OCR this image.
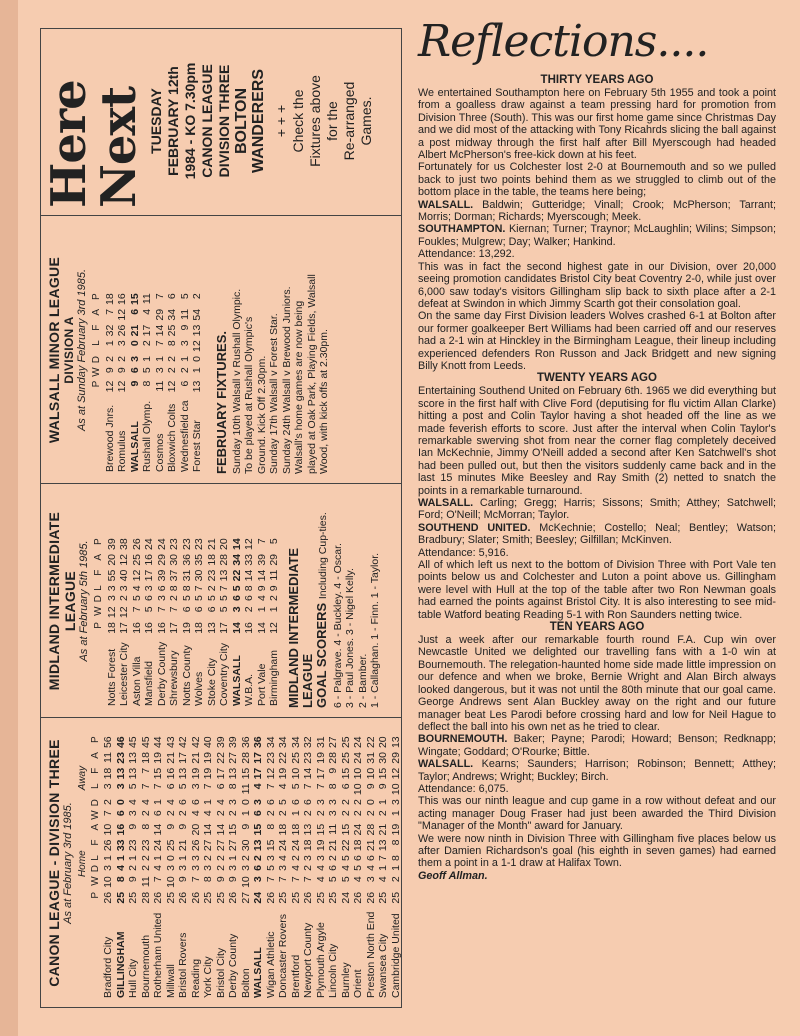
CANON LEAGUE - DIVISION THREE As at February 3rd 1985.
	Home						Away					
	P	W	D	L	F	A	W	D	L	F	A	P
Bradford City	26	10	3	1	26	10	7	2	3	18	11	56
GILLINGHAM	25	8	4	1	33	16	6	0	3	13	23	46
Hull City	25	9	2	1	23	9	3	4	5	13	13	45
Bournemouth	28	11	2	2	23	8	2	4	7	7	18	45
Rotherham United	26	7	4	1	24	14	6	1	7	15	19	44
Millwall	25	10	3	0	25	9	2	4	6	16	21	43
Bristol Rovers	26	9	3	1	21	9	2	6	5	13	17	42
Reading	26	7	3	3	26	20	4	6	3	19	21	42
York City	25	8	3	2	27	14	4	1	7	19	19	40
Bristol City	25	9	2	2	27	14	2	4	6	17	22	39
Derby County	26	9	3	1	27	15	2	3	8	13	27	39
Bolton	27	10	3	2	30	9	1	0	11	15	28	36
WALSALL	24	3	6	2	13	15	6	3	4	17	17	36
Wigan Athletic	26	7	5	3	15	8	2	6	7	12	23	34
Doncaster Rovers	25	7	3	4	24	18	2	5	4	19	22	34
Brentford	25	7	4	2	24	18	1	6	5	10	25	34
Newport County	26	7	2	3	18	13	2	6	7	14	23	32
Plymouth Argyle	25	4	4	3	19	15	2	3	7	17	19	31
Lincoln City	25	5	6	2	21	11	3	3	8	9	28	27
Burnley	24	5	4	5	22	15	2	2	6	15	25	25
Orient	26	4	5	6	18	24	2	2	10	10	24	24
Preston North End	26	3	4	6	21	28	2	0	9	10	31	22
Swansea City	25	4	1	7	13	21	2	1	9	15	30	20
Cambridge United	25	2	1	8	8	19	1	3	10	12	29	13
MIDLAND INTERMEDIATE LEAGUE As at February 5th 1985.
	P	W	D	L	F	A	P
Notts Forest	18	12	3	3	55	20	39
Leicester City	17	12	2	3	40	12	38
Aston Villa	16	7	5	4	12	25	26
Mansfield	16	5	6	3	17	16	24
Derby County	16	7	3	6	39	29	24
Shrewsbury	17	7	2	8	37	30	23
Notts County	19	6	5	8	31	36	23
Wolves	18	6	5	7	30	35	23
Stoke City	13	6	5	2	23	18	21
Coventry City	17	5	5	7	13	28	20
WALSALL	14	3	6	5	22	34	14
W.B.A.	16	2	6	8	14	33	12
Port Vale	14	1	4	9	14	39	7
Birmingham	12	1	2	9	11	29	5
MIDLAND INTERMEDIATE LEAGUE
GOAL SCORERS Including Cup-ties. 6 - Palgrave. 4 - Buckley. 4 - Oscar. 3 - Paul Jones. 3 - Nigel Kelly. 2 - Bamber. 1 - Callaghan. 1 - Finn. 1 - Taylor.
WALSALL MINOR LEAGUE DIVISION A As at Sunday February 3rd 1985.
	P	W	D	L	F	A	P
Brewood Jnrs.	12	9	2	1	32	7	18
Romulus	12	9	2	3	26	12	16
WALSALL	9	6	3	0	21	6	15
Rushall Olymp.	8	5	1	2	17	4	11
Cosmos	11	3	1	7	14	29	7
Bloxwich Colts	12	2	2	8	25	34	6
Wednesfield ca	6	2	1	3	9	11	5
Forest Star	13	1	0	12	13	54	2
FEBRUARY FIXTURES. Sunday 10th Walsall v Rushall Olympic. To be played at Rushall Olympic's Ground. Kick Off 2.30pm. Sunday 17th Walsall v Forest Star. Sunday 24th Walsall v Brewood Juniors. Walsall's home games are now being played at Oak Park, Playing Fields, Walsall Wood, with kick offs at 2.30pm.
Here
Next TUESDAY FEBRUARY 12th 1984 - KO 7.30pm CANON LEAGUE DIVISION THREE BOLTON WANDERERS + + + Check the Fixtures above for the Re-arranged Games.
Reflections....
THIRTY YEARS AGO

We entertained Southampton here on February 5th 1955 and took a point from a goalless draw against a team pressing hard for promotion from Division Three (South). This was our first home game since Christmas Day and we did most of the attacking with Tony Ricahrds slicing the ball against a post midway through the first half after Bill Myerscough had headed Albert McPherson's free-kick down at his feet.

Fortunately for us Colchester lost 2-0 at Bournemouth and so we pulled back to just two points behind them as we struggled to climb out of the bottom place in the table, the teams here being;

WALSALL. Baldwin; Gutteridge; Vinall; Crook; McPherson; Tarrant; Morris; Dorman; Richards; Myerscough; Meek.

SOUTHAMPTON. Kiernan; Turner; Traynor; McLaughlin; Wilins; Simpson; Foukles; Mulgrew; Day; Walker; Hankind.

Attendance: 13,292.

This was in fact the second highest gate in our Division, over 20,000 seeing promotion candidates Bristol City beat Coventry 2-0, while just over 6,000 saw today's visitors Gillingham slip back to sixth place after a 2-1 defeat at Swindon in which Jimmy Scarth got their consolation goal.

On the same day First Division leaders Wolves crashed 6-1 at Bolton after our former goalkeeper Bert Williams had been carried off and our reserves had a 2-1 win at Hinckley in the Birmingham League, their lineup including experienced defenders Ron Russon and Jack Bridgett and new signing Billy Knott from Leeds.

TWENTY YEARS AGO

Entertaining Southend United on February 6th. 1965 we did everything but score in the first half with Clive Ford (deputising for flu victim Allan Clarke) hitting a post and Colin Taylor having a shot headed off the line as we made feverish efforts to score. Just after the interval when Colin Taylor's remarkable swerving shot from near the corner flag completely deceived Ian McKechnie, Jimmy O'Neill added a second after Ken Satchwell's shot had been pulled out, but then the visitors suddenly came back and in the last 15 minutes Mike Beesley and Ray Smith (2) netted to snatch the points in a remarkable turnaround.

WALSALL. Carling; Gregg; Harris; Sissons; Smith; Atthey; Satchwell; Ford; O'Neill; McMorran; Taylor.

SOUTHEND UNITED. McKechnie; Costello; Neal; Bentley; Watson; Bradbury; Slater; Smith; Beesley; Gilfillan; McKinven.

Attendance: 5,916.

All of which left us next to the bottom of Division Three with Port Vale ten points below us and Colchester and Luton a point above us. Gillingham were level with Hull at the top of the table after two Ron Newman goals had earned the points against Bristol City. It is also interesting to see mid-table Watford beating Reading 5-1 with Ron Saunders netting twice.

TEN YEARS AGO

Just a week after our remarkable fourth round F.A. Cup win over Newcastle United we delighted our travelling fans with a 1-0 win at Bournemouth. The relegation-haunted home side made little impression on our defence and when we broke, Bernie Wright and Alan Birch always looked dangerous, but it was not until the 80th minute that our goal came. George Andrews sent Alan Buckley away on the right and our future manager beat Les Parodi before crossing hard and low for Neil Hague to deflect the ball into his own net as he tried to clear.

BOURNEMOUTH. Baker; Payne; Parodi; Howard; Benson; Redknapp; Wingate; Goddard; O'Rourke; Bittle.

WALSALL. Kearns; Saunders; Harrison; Robinson; Bennett; Atthey; Taylor; Andrews; Wright; Buckley; Birch.

Attendance: 6,075.

This was our ninth league and cup game in a row without defeat and our acting manager Doug Fraser had just been awarded the Third Division "Manager of the Month" award for January.

We were now ninth in Division Three with Gillingham five places below us after Damien Richardson's goal (his eighth in seven games) had earned them a point in a 1-1 draw at Halifax Town.

Geoff Allman.
